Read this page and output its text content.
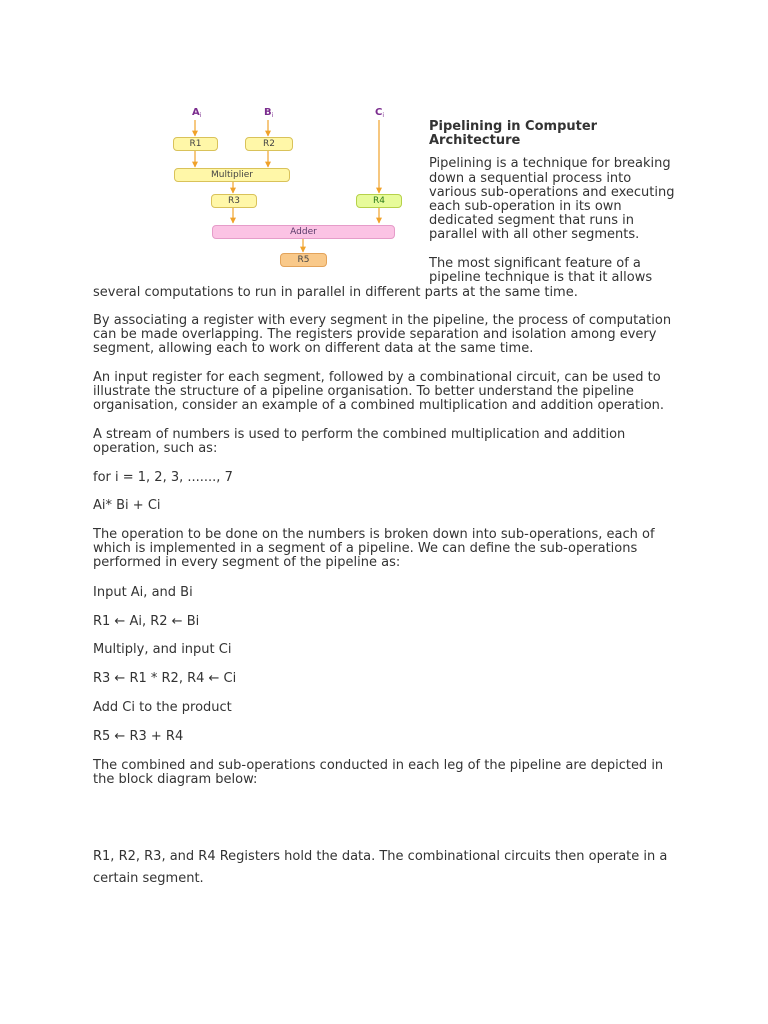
$A_i$	$B_i$	$C_i$
R1	R2
Multiplier
R3	R4
Adder
R5

Pipelining in Computer Architecture

Pipelining is a technique for breaking down a sequential process into various sub-operations and executing each sub-operation in its own dedicated segment that runs in parallel with all other segments.

The most significant feature of a pipeline technique is that it allows

several computations to run in parallel in different parts at the same time.

By associating a register with every segment in the pipeline, the process of computation can be made overlapping. The registers provide separation and isolation among every segment, allowing each to work on different data at the same time.

An input register for each segment, followed by a combinational circuit, can be used to illustrate the structure of a pipeline organisation. To better understand the pipeline organisation, consider an example of a combined multiplication and addition operation.

A stream of numbers is used to perform the combined multiplication and addition operation, such as:

for i = 1, 2, 3, ......., 7

Ai* Bi + Ci

The operation to be done on the numbers is broken down into sub-operations, each of which is implemented in a segment of a pipeline. We can define the sub-operations performed in every segment of the pipeline as:

Input Ai, and Bi

R1 ← Ai, R2 ← Bi

Multiply, and input Ci

R3 ← R1 * R2, R4 ← Ci

Add Ci to the product

R5 ← R3 + R4

The combined and sub-operations conducted in each leg of the pipeline are depicted in the block diagram below:

R1, R2, R3, and R4 Registers hold the data. The combinational circuits then operate in a certain segment.
